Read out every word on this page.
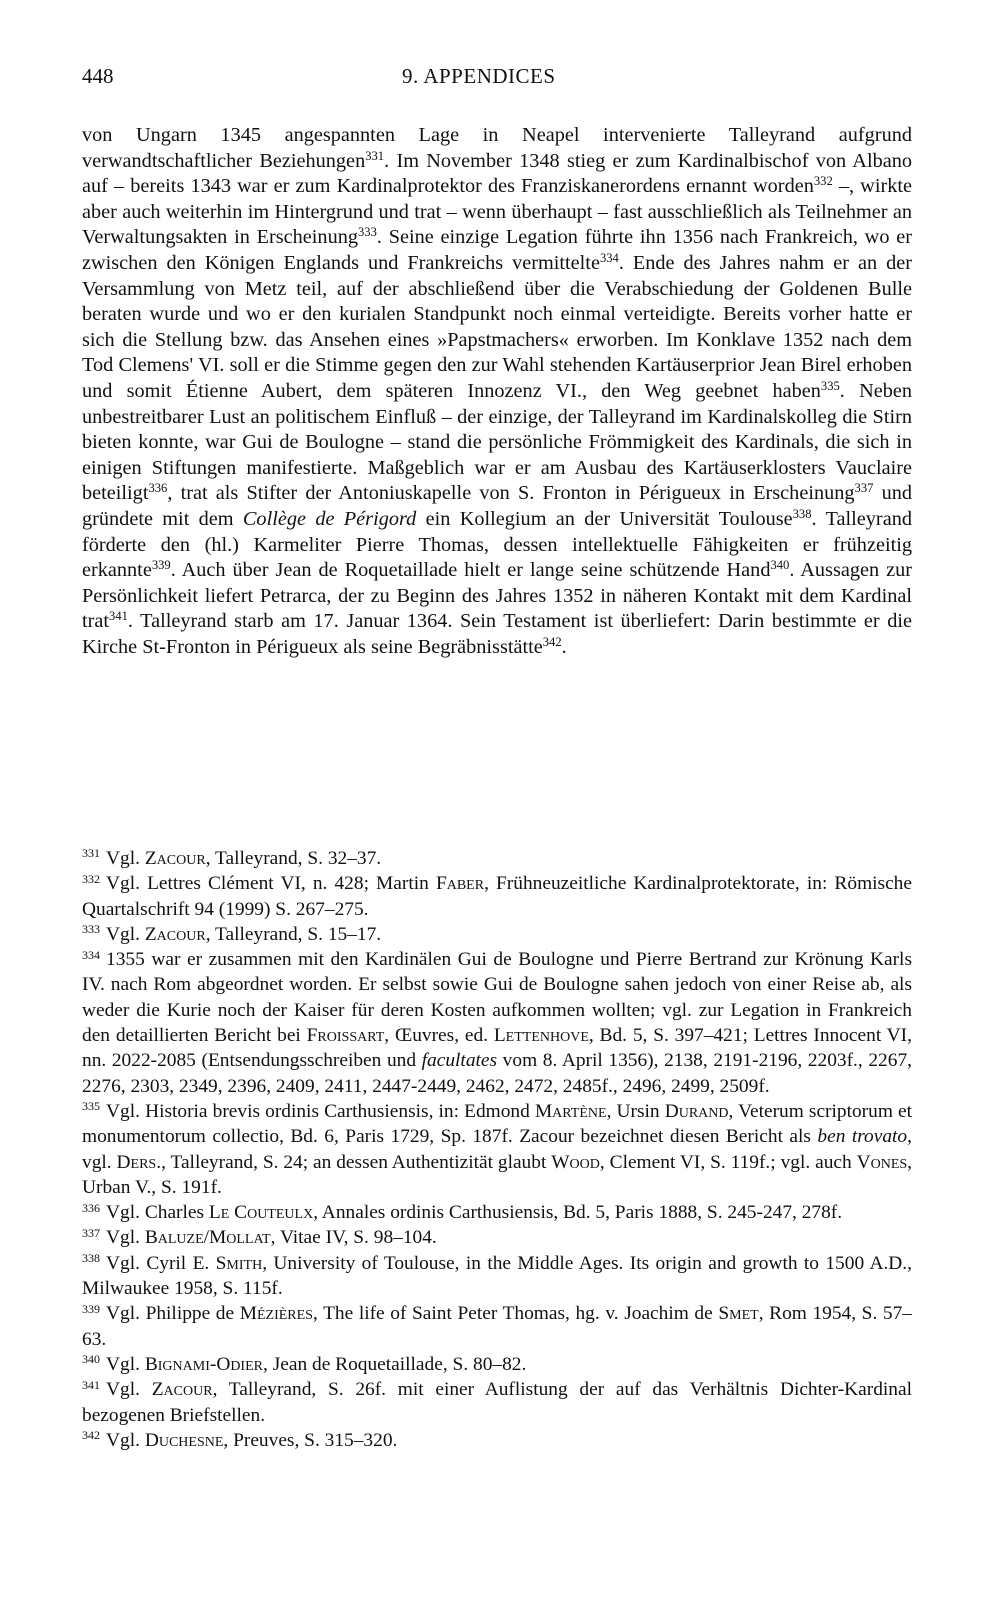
448	9. APPENDICES

von Ungarn 1345 angespannten Lage in Neapel intervenierte Talleyrand aufgrund verwandtschaftlicher Beziehungen$^{331}$. Im November 1348 stieg er zum Kardinalbischof von Albano auf – bereits 1343 war er zum Kardinalprotektor des Franziskanerordens ernannt worden$^{332}$ –, wirkte aber auch weiterhin im Hintergrund und trat – wenn überhaupt – fast ausschließlich als Teilnehmer an Verwaltungsakten in Erscheinung$^{333}$. Seine einzige Legation führte ihn 1356 nach Frankreich, wo er zwischen den Königen Englands und Frankreichs vermittelte$^{334}$. Ende des Jahres nahm er an der Versammlung von Metz teil, auf der abschließend über die Verabschiedung der Goldenen Bulle beraten wurde und wo er den kurialen Standpunkt noch einmal verteidigte. Bereits vorher hatte er sich die Stellung bzw. das Ansehen eines »Papstmachers« erworben. Im Konklave 1352 nach dem Tod Clemens' VI. soll er die Stimme gegen den zur Wahl stehenden Kartäuserprior Jean Birel erhoben und somit Étienne Aubert, dem späteren Innozenz VI., den Weg geebnet haben$^{335}$. Neben unbestreitbarer Lust an politischem Einfluß – der einzige, der Talleyrand im Kardinalskolleg die Stirn bieten konnte, war Gui de Boulogne – stand die persönliche Frömmigkeit des Kardinals, die sich in einigen Stiftungen manifestierte. Maßgeblich war er am Ausbau des Kartäuserklosters Vauclaire beteiligt$^{336}$, trat als Stifter der Antoniuskapelle von S. Fronton in Périgueux in Erscheinung$^{337}$ und gründete mit dem Collège de Périgord ein Kollegium an der Universität Toulouse$^{338}$. Talleyrand förderte den (hl.) Karmeliter Pierre Thomas, dessen intellektuelle Fähigkeiten er frühzeitig erkannte$^{339}$. Auch über Jean de Roquetaillade hielt er lange seine schützende Hand$^{340}$. Aussagen zur Persönlichkeit liefert Petrarca, der zu Beginn des Jahres 1352 in näheren Kontakt mit dem Kardinal trat$^{341}$. Talleyrand starb am 17. Januar 1364. Sein Testament ist überliefert: Darin bestimmte er die Kirche St-Fronton in Périgueux als seine Begräbnisstätte$^{342}$.

$^{331}$ Vgl. Zacour, Talleyrand, S. 32–37.

$^{332}$ Vgl. Lettres Clément VI, n. 428; Martin Faber, Frühneuzeitliche Kardinalprotektorate, in: Römische Quartalschrift 94 (1999) S. 267–275.

$^{333}$ Vgl. Zacour, Talleyrand, S. 15–17.

$^{334}$ 1355 war er zusammen mit den Kardinälen Gui de Boulogne und Pierre Bertrand zur Krönung Karls IV. nach Rom abgeordnet worden. Er selbst sowie Gui de Boulogne sahen jedoch von einer Reise ab, als weder die Kurie noch der Kaiser für deren Kosten aufkommen wollten; vgl. zur Legation in Frankreich den detaillierten Bericht bei Froissart, Œuvres, ed. Lettenhove, Bd. 5, S. 397–421; Lettres Innocent VI, nn. 2022-2085 (Entsendungsschreiben und facultates vom 8. April 1356), 2138, 2191-2196, 2203f., 2267, 2276, 2303, 2349, 2396, 2409, 2411, 2447-2449, 2462, 2472, 2485f., 2496, 2499, 2509f.

$^{335}$ Vgl. Historia brevis ordinis Carthusiensis, in: Edmond Martène, Ursin Durand, Veterum scriptorum et monumentorum collectio, Bd. 6, Paris 1729, Sp. 187f. Zacour bezeichnet diesen Bericht als ben trovato, vgl. Ders., Talleyrand, S. 24; an dessen Authentizität glaubt Wood, Clement VI, S. 119f.; vgl. auch Vones, Urban V., S. 191f.

$^{336}$ Vgl. Charles Le Couteulx, Annales ordinis Carthusiensis, Bd. 5, Paris 1888, S. 245-247, 278f.

$^{337}$ Vgl. Baluze/Mollat, Vitae IV, S. 98–104.

$^{338}$ Vgl. Cyril E. Smith, University of Toulouse, in the Middle Ages. Its origin and growth to 1500 A.D., Milwaukee 1958, S. 115f.

$^{339}$ Vgl. Philippe de Mézières, The life of Saint Peter Thomas, hg. v. Joachim de Smet, Rom 1954, S. 57–63.

$^{340}$ Vgl. Bignami-Odier, Jean de Roquetaillade, S. 80–82.

$^{341}$ Vgl. Zacour, Talleyrand, S. 26f. mit einer Auflistung der auf das Verhältnis Dichter-Kardinal bezogenen Briefstellen.

$^{342}$ Vgl. Duchesne, Preuves, S. 315–320.
